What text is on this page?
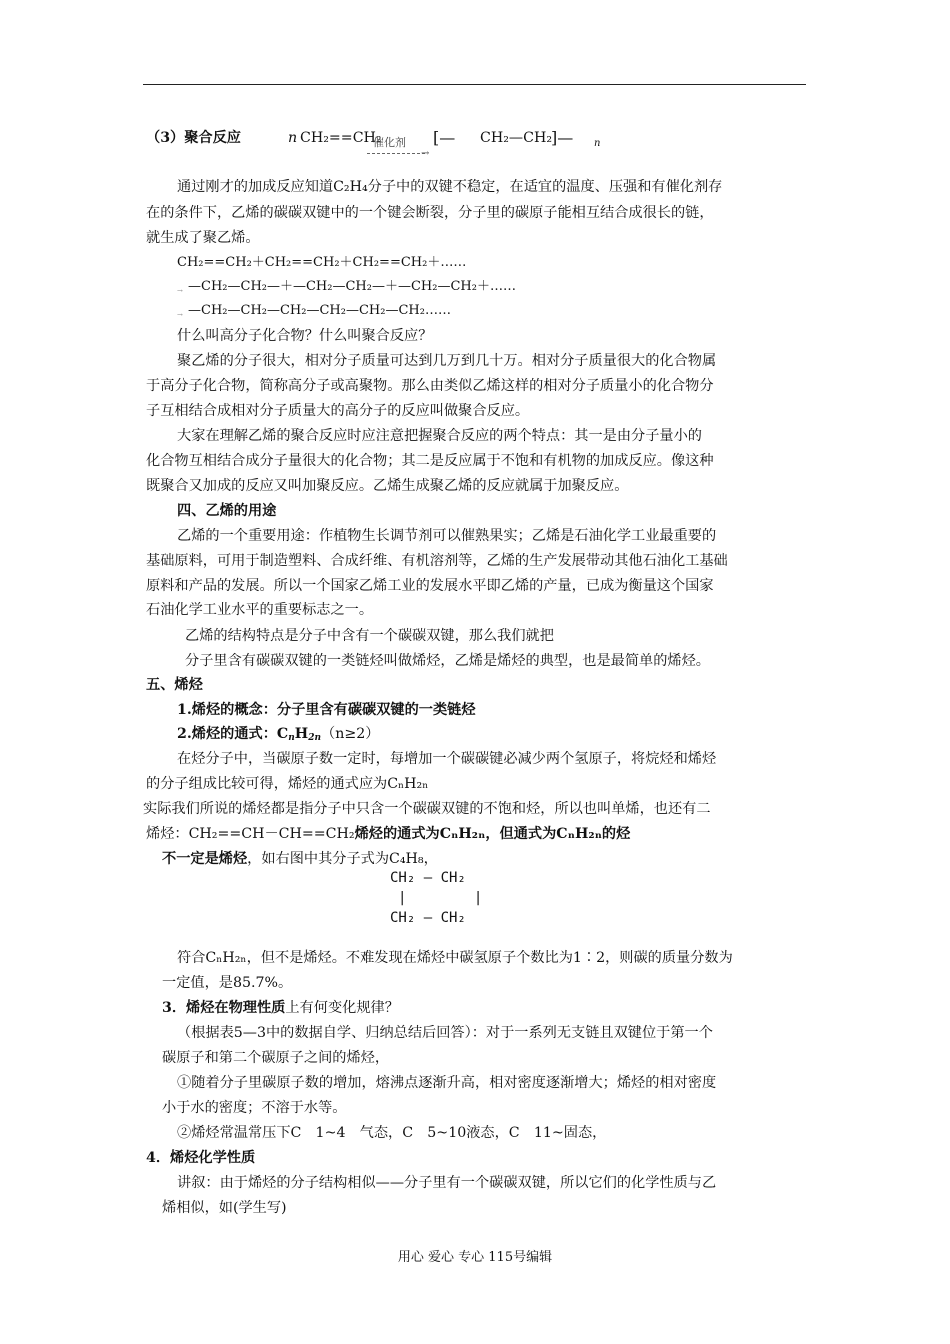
（3）聚合反应	n CH₂==CH₂
催化剂
→
[— CH₂—CH₂
]— n
通过刚才的加成反应知道C₂H₄分子中的双键不稳定，在适宜的温度、压强和有催化剂存
在的条件下，乙烯的碳碳双键中的一个键会断裂，分子里的碳原子能相互结合成很长的链，
就生成了聚乙烯。
CH₂==CH₂＋CH₂==CH₂＋CH₂==CH₂＋……
→ —CH₂—CH₂—＋—CH₂—CH₂—＋—CH₂—CH₂＋……
→ —CH₂—CH₂—CH₂—CH₂—CH₂—CH₂……
什么叫高分子化合物？什么叫聚合反应？
聚乙烯的分子很大，相对分子质量可达到几万到几十万。相对分子质量很大的化合物属
于高分子化合物，简称高分子或高聚物。那么由类似乙烯这样的相对分子质量小的化合物分
子互相结合成相对分子质量大的高分子的反应叫做聚合反应。
大家在理解乙烯的聚合反应时应注意把握聚合反应的两个特点：其一是由分子量小的
化合物互相结合成分子量很大的化合物；其二是反应属于不饱和有机物的加成反应。像这种
既聚合又加成的反应又叫加聚反应。乙烯生成聚乙烯的反应就属于加聚反应。
四、乙烯的用途
乙烯的一个重要用途：作植物生长调节剂可以催熟果实；乙烯是石油化学工业最重要的
基础原料，可用于制造塑料、合成纤维、有机溶剂等，乙烯的生产发展带动其他石油化工基础
原料和产品的发展。所以一个国家乙烯工业的发展水平即乙烯的产量，已成为衡量这个国家
石油化学工业水平的重要标志之一。
乙烯的结构特点是分子中含有一个碳碳双键，那么我们就把
分子里含有碳碳双键的一类链烃叫做烯烃，乙烯是烯烃的典型，也是最简单的烯烃。
五、烯烃
1.烯烃的概念：分子里含有碳碳双键的一类链烃
2.烯烃的通式：$C_nH_{2n}(n\ge 2)$
在烃分子中，当碳原子数一定时，每增加一个碳碳键必减少两个氢原子，将烷烃和烯烃
的分子组成比较可得，烯烃的通式应为CₙH₂ₙ
实际我们所说的烯烃都是指分子中只含一个碳碳双键的不饱和烃，所以也叫单烯，也还有二
烯烃：CH₂==CH－CH==CH₂烯烃的通式为CₙH₂ₙ，但通式为CₙH₂ₙ的烃
不一定是烯烃，如右图中其分子式为C₄H₈，
CH₂ — CH₂
|        |
CH₂ — CH₂
符合CₙH₂ₙ，但不是烯烃。不难发现在烯烃中碳氢原子个数比为1∶2，则碳的质量分数为
一定值，是85.7%。
3．烯烃在物理性质上有何变化规律？
（根据表5—3中的数据自学、归纳总结后回答）：对于一系列无支链且双键位于第一个
碳原子和第二个碳原子之间的烯烃，
①随着分子里碳原子数的增加，熔沸点逐渐升高，相对密度逐渐增大；烯烃的相对密度
小于水的密度；不溶于水等。
②烯烃常温常压下C　1~4　气态，C　5~10液态，C　11~固态，
4．烯烃化学性质
讲叙：由于烯烃的分子结构相似——分子里有一个碳碳双键，所以它们的化学性质与乙
烯相似，如(学生写)
用心 爱心 专心 115号编辑
